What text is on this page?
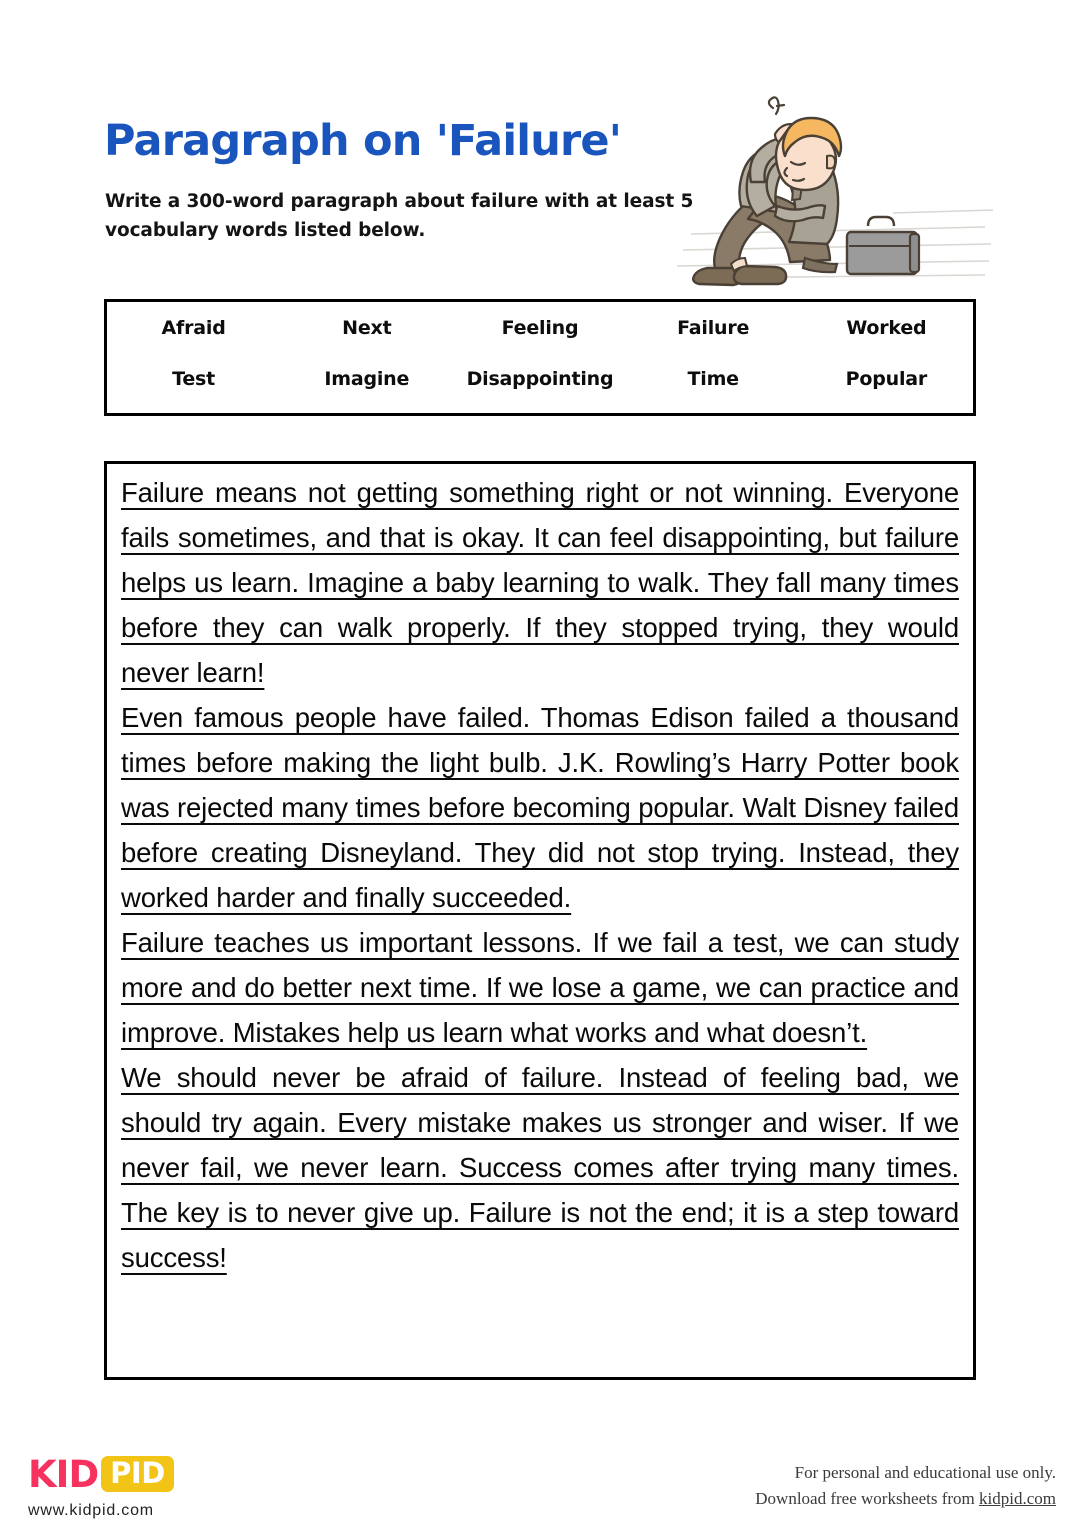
Paragraph on 'Failure'
Write a 300-word paragraph about failure with at least 5 vocabulary words listed below.
Afraid	Next	Feeling	Failure	Worked
Test	Imagine	Disappointing	Time	Popular

Failure means not getting something right or not winning. Everyone fails sometimes, and that is okay. It can feel disappointing, but failure helps us learn. Imagine a baby learning to walk. They fall many times before they can walk properly. If they stopped trying, they would never learn!

Even famous people have failed. Thomas Edison failed a thousand times before making the light bulb. J.K. Rowling’s Harry Potter book was rejected many times before becoming popular. Walt Disney failed before creating Disneyland. They did not stop trying. Instead, they worked harder and finally succeeded.

Failure teaches us important lessons. If we fail a test, we can study more and do better next time. If we lose a game, we can practice and improve. Mistakes help us learn what works and what doesn’t.

We should never be afraid of failure. Instead of feeling bad, we should try again. Every mistake makes us stronger and wiser. If we never fail, we never learn. Success comes after trying many times. The key is to never give up. Failure is not the end; it is a step toward success!

KID PID
www.kidpid.com
For personal and educational use only.
Download free worksheets from kidpid.com
